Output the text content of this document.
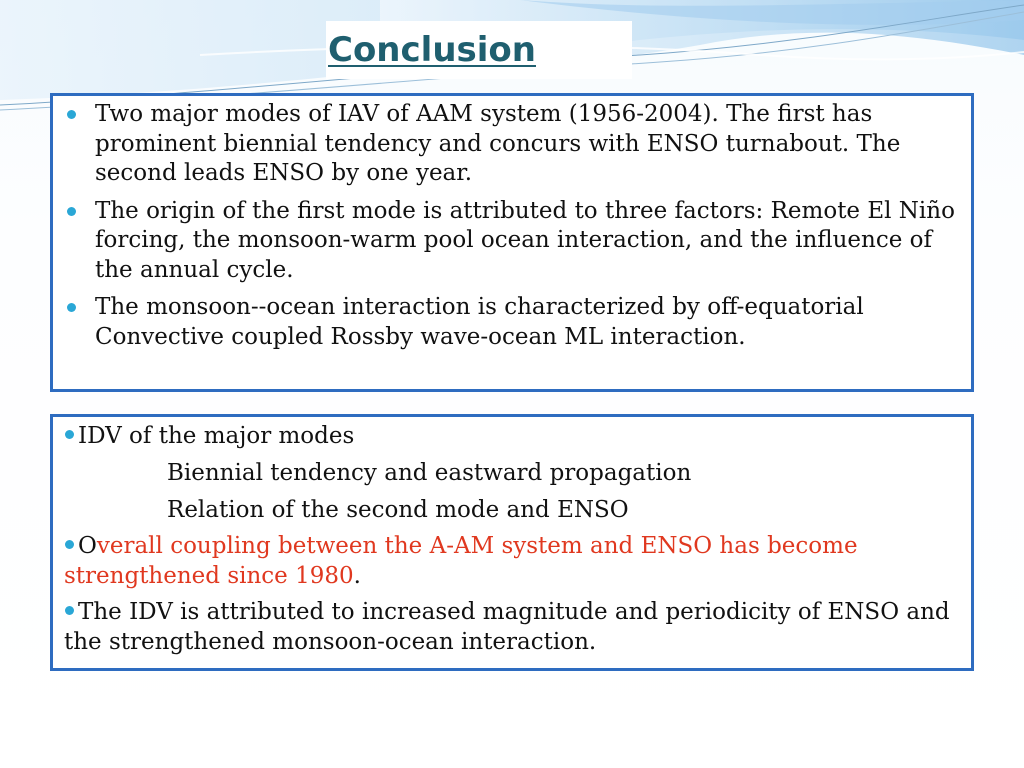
Conclusion
Two major modes of IAV of AAM system (1956-2004). The first has prominent biennial tendency and concurs with ENSO turnabout. The second leads ENSO by one year.
The origin of the first mode is attributed to three factors: Remote El Niño forcing, the monsoon-warm pool ocean interaction, and the influence of the annual cycle.
The monsoon--ocean interaction is characterized by off-equatorial Convective coupled Rossby wave-ocean ML interaction.
IDV of the major modes
Biennial tendency and eastward propagation
Relation of the second mode and ENSO
Overall coupling between the A-AM system and ENSO has become strengthened since 1980.
The IDV is attributed to increased magnitude and periodicity of ENSO and the strengthened monsoon-ocean interaction.
